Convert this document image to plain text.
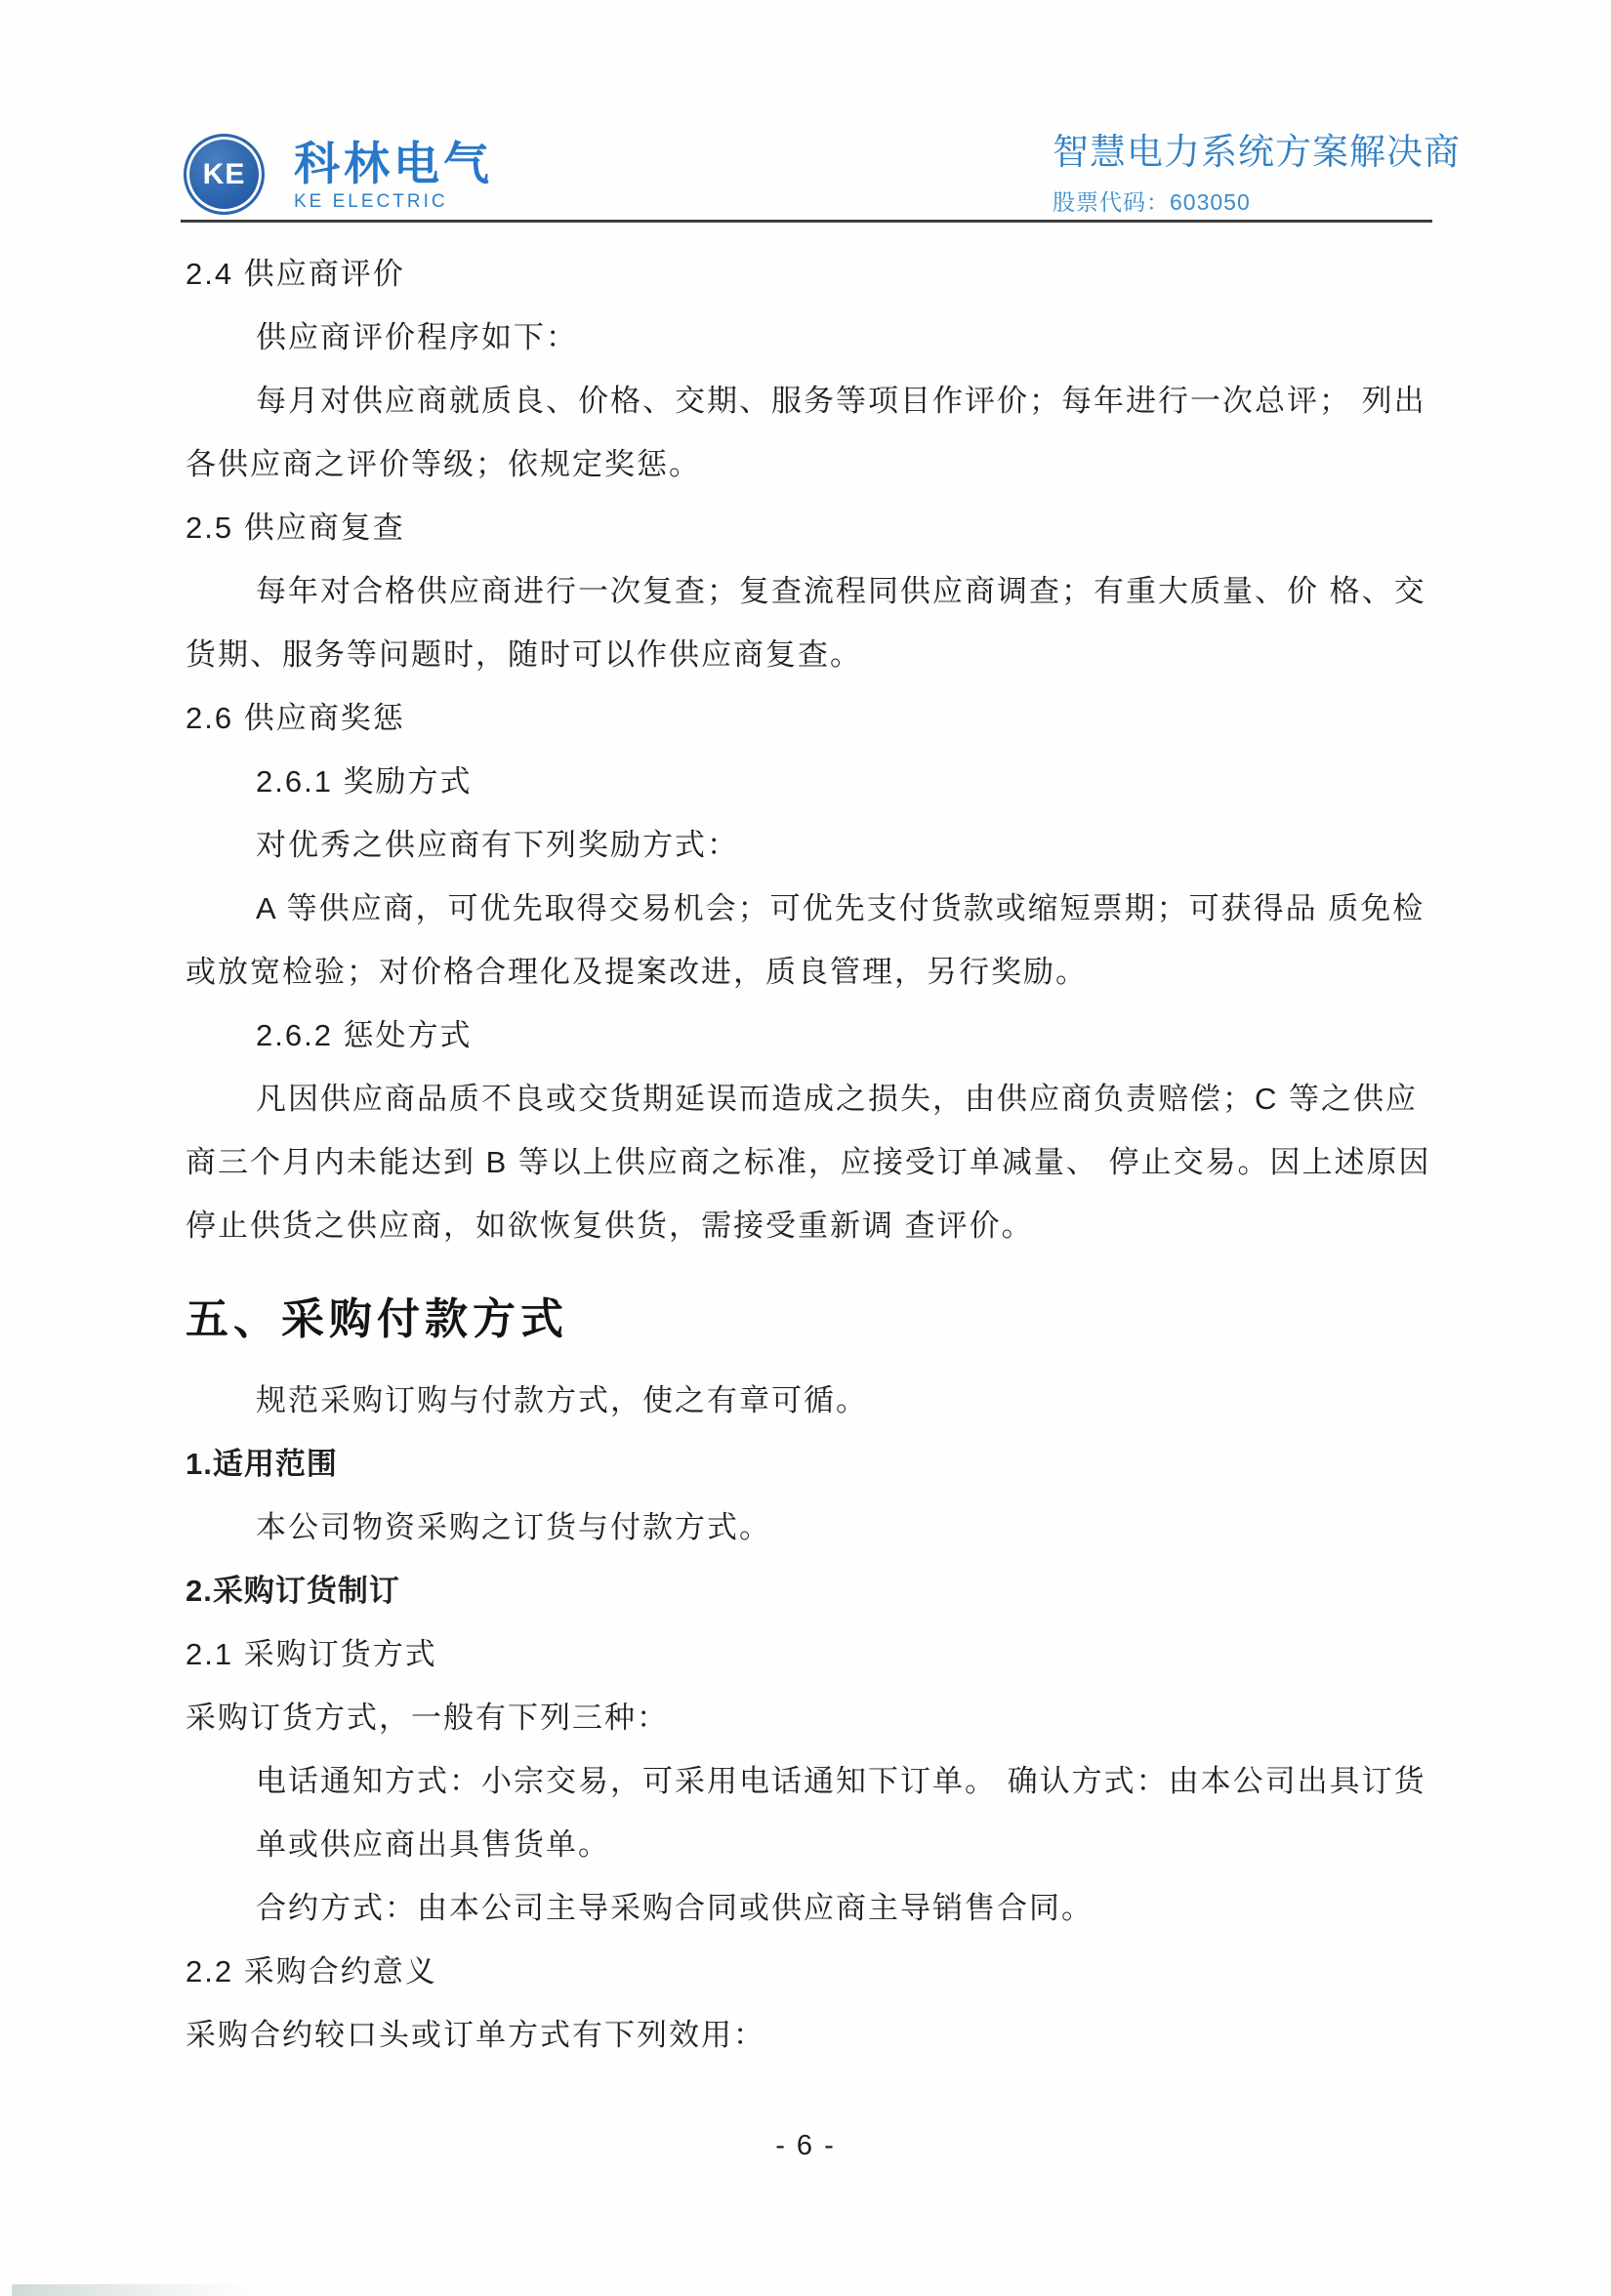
KE 科林电气
KE ELECTRIC
智慧电力系统方案解决商
股票代码：603050
2.4 供应商评价
供应商评价程序如下：
每月对供应商就质良、价格、交期、服务等项目作评价；每年进行一次总评； 列出
各供应商之评价等级；依规定奖惩。
2.5 供应商复查
每年对合格供应商进行一次复查；复查流程同供应商调查；有重大质量、价 格、交
货期、服务等问题时，随时可以作供应商复查。
2.6 供应商奖惩
2.6.1 奖励方式
对优秀之供应商有下列奖励方式：
A 等供应商，可优先取得交易机会；可优先支付货款或缩短票期；可获得品 质免检
或放宽检验；对价格合理化及提案改进，质良管理，另行奖励。
2.6.2 惩处方式
凡因供应商品质不良或交货期延误而造成之损失，由供应商负责赔偿；C 等之供应
商三个月内未能达到 B 等以上供应商之标准，应接受订单减量、 停止交易。因上述原因
停止供货之供应商，如欲恢复供货，需接受重新调 查评价。
五、采购付款方式
规范采购订购与付款方式，使之有章可循。
1.适用范围
本公司物资采购之订货与付款方式。
2.采购订货制订
2.1 采购订货方式
采购订货方式，一般有下列三种：
电话通知方式：小宗交易，可采用电话通知下订单。 确认方式：由本公司出具订货
单或供应商出具售货单。
合约方式：由本公司主导采购合同或供应商主导销售合同。
2.2 采购合约意义
采购合约较口头或订单方式有下列效用：
- 6 -
